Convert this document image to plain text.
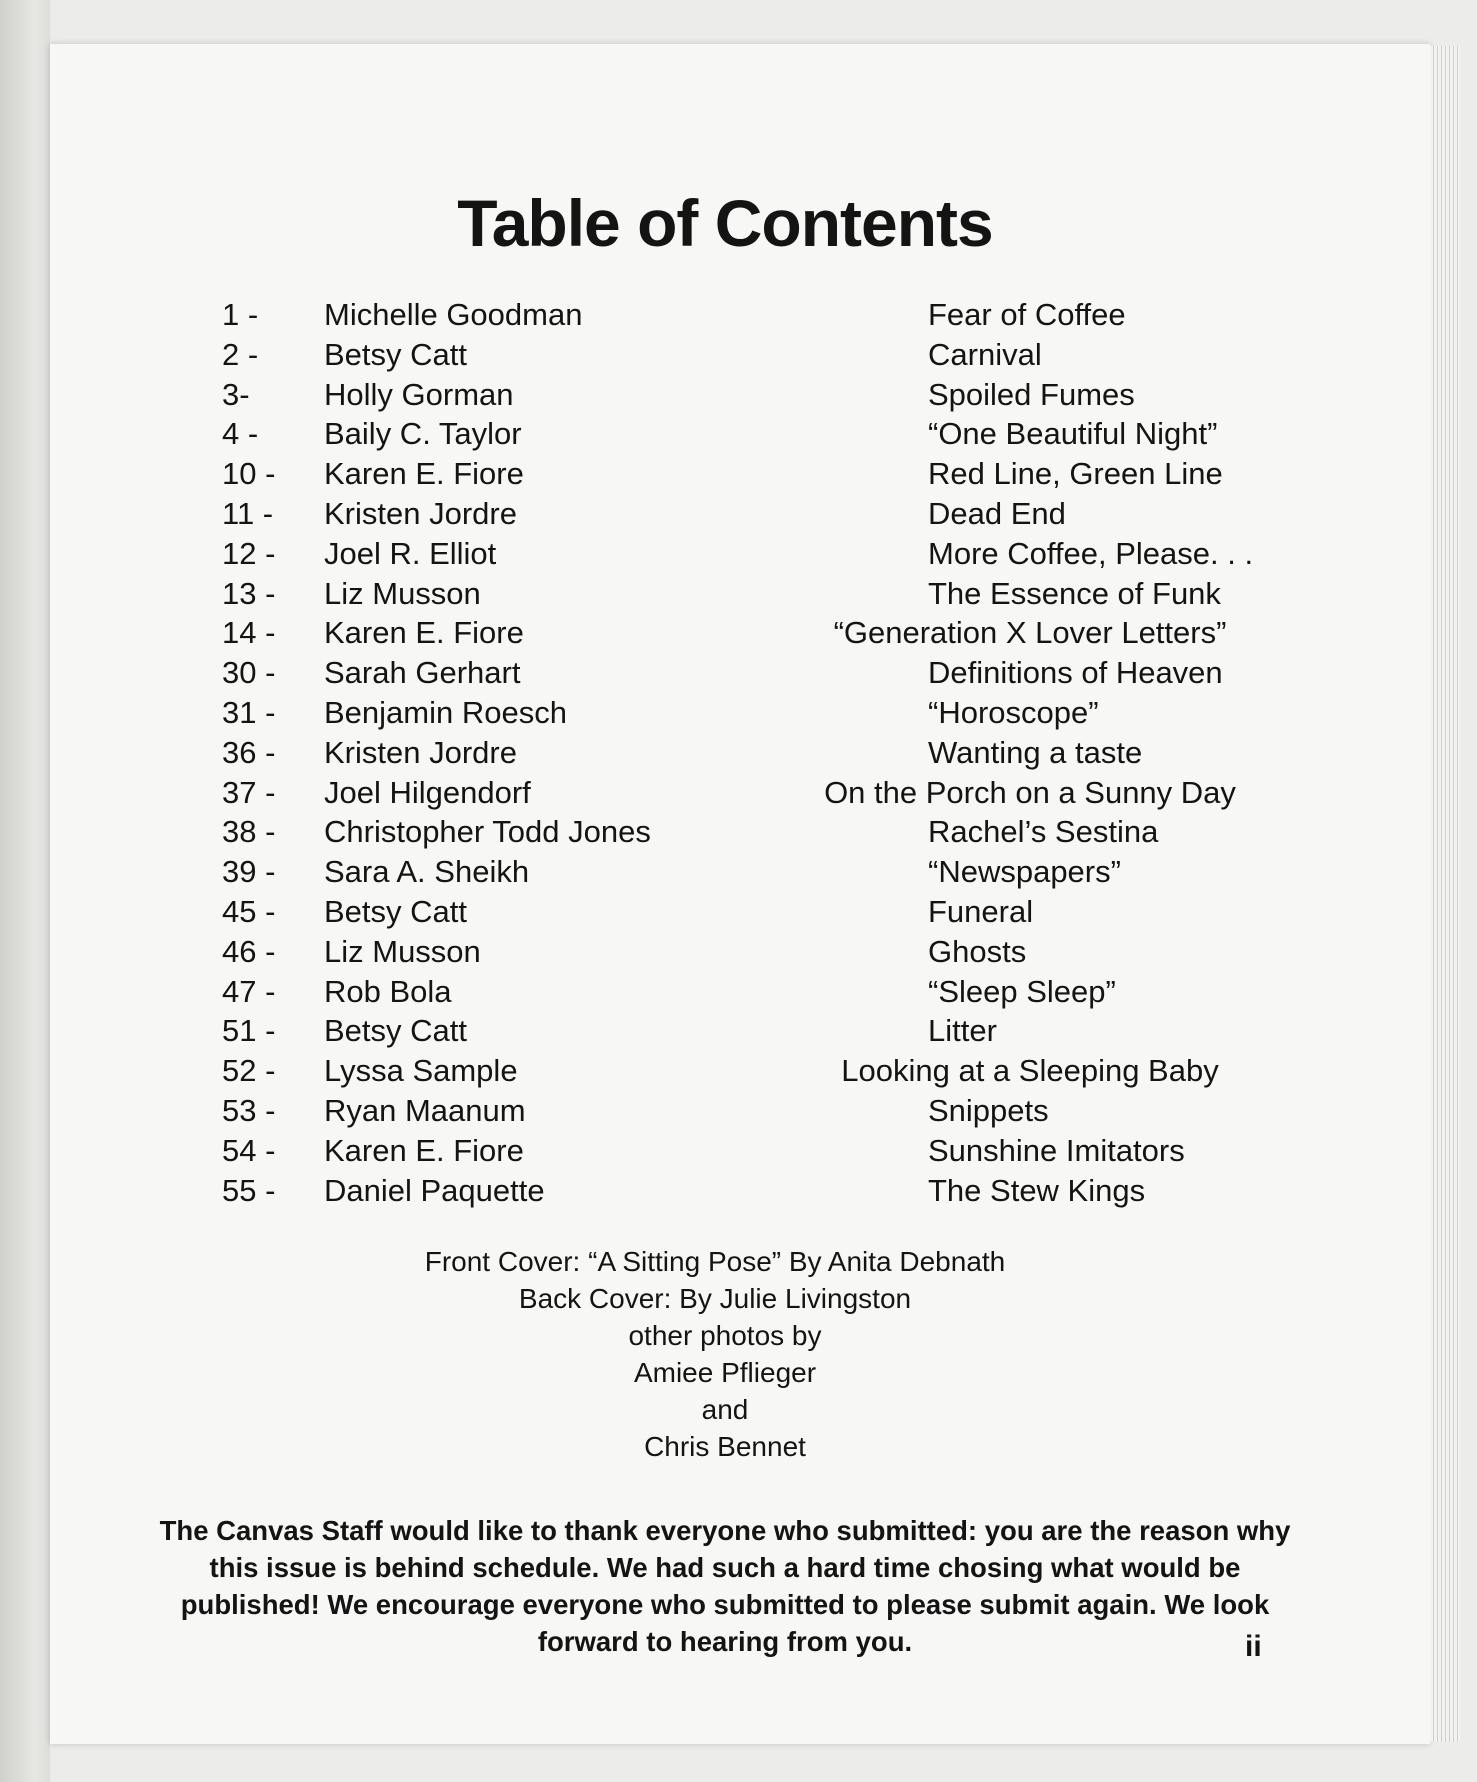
Table of Contents
1 - Michelle Goodman	Fear of Coffee
2 - Betsy Catt	Carnival
3- Holly Gorman	Spoiled Fumes
4 - Baily C. Taylor	“One Beautiful Night”
10 - Karen E. Fiore	Red Line, Green Line
11 - Kristen Jordre	Dead End
12 - Joel R. Elliot	More Coffee, Please. . .
13 - Liz Musson	The Essence of Funk
14 - Karen E. Fiore	“Generation X Lover Letters”
30 - Sarah Gerhart	Definitions of Heaven
31 - Benjamin Roesch	“Horoscope”
36 - Kristen Jordre	Wanting a taste
37 - Joel Hilgendorf	On the Porch on a Sunny Day
38 - Christopher Todd Jones	Rachel’s Sestina
39 - Sara A. Sheikh	“Newspapers”
45 - Betsy Catt	Funeral
46 - Liz Musson	Ghosts
47 - Rob Bola	“Sleep Sleep”
51 - Betsy Catt	Litter
52 - Lyssa Sample	Looking at a Sleeping Baby
53 - Ryan Maanum	Snippets
54 - Karen E. Fiore	Sunshine Imitators
55 - Daniel Paquette	The Stew Kings
Front Cover: “A Sitting Pose” By Anita Debnath
Back Cover: By Julie Livingston
other photos by
Amiee Pflieger
and
Chris Bennet
The Canvas Staff would like to thank everyone who submitted: you are the reason why this issue is behind schedule. We had such a hard time chosing what would be published! We encourage everyone who submitted to please submit again. We look forward to hearing from you.	ii
